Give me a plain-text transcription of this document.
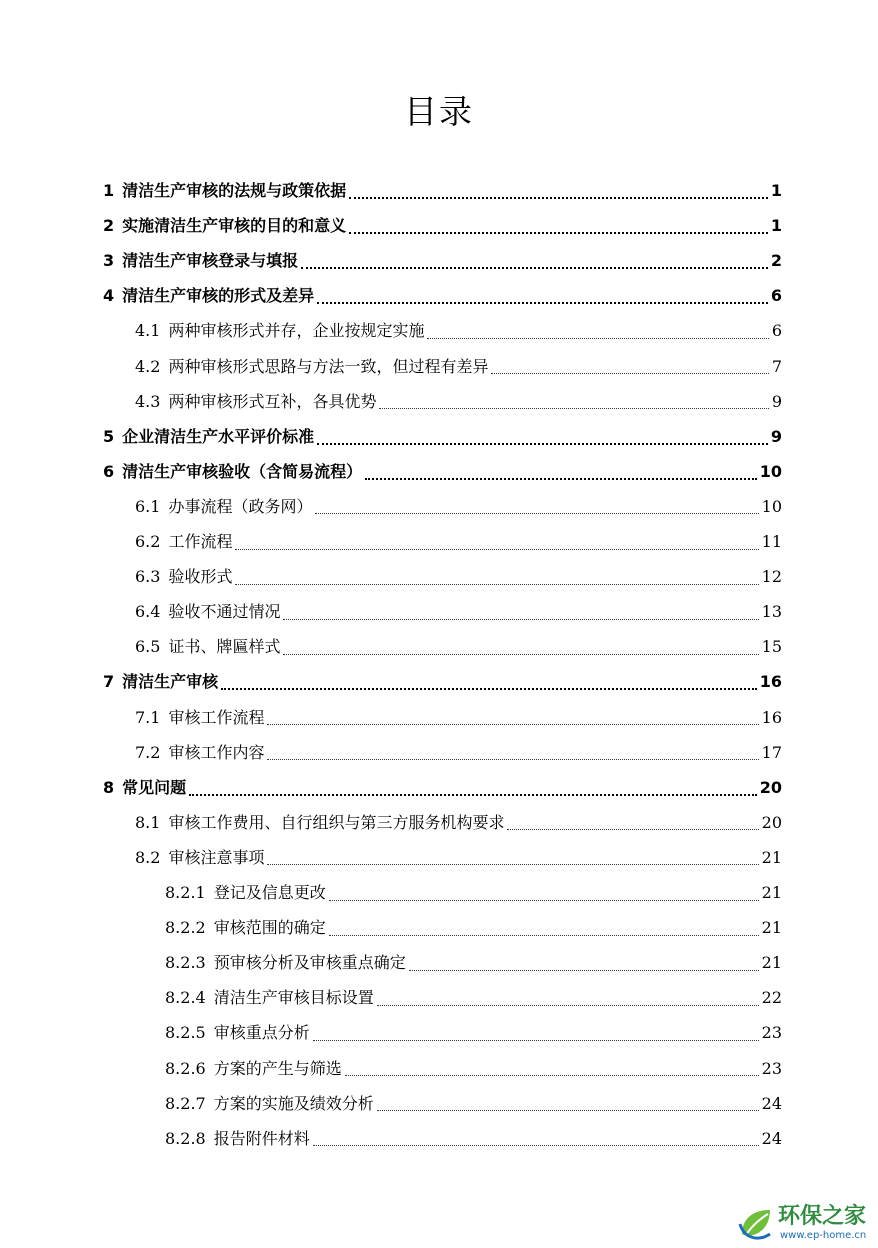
目录
1 清洁生产审核的法规与政策依据	1
2 实施清洁生产审核的目的和意义	1
3 清洁生产审核登录与填报	2
4 清洁生产审核的形式及差异	6
4.1 两种审核形式并存，企业按规定实施	6
4.2 两种审核形式思路与方法一致，但过程有差异	7
4.3 两种审核形式互补，各具优势	9
5 企业清洁生产水平评价标准	9
6 清洁生产审核验收（含简易流程）	10
6.1 办事流程（政务网）	10
6.2 工作流程	11
6.3 验收形式	12
6.4 验收不通过情况	13
6.5 证书、牌匾样式	15
7 清洁生产审核	16
7.1 审核工作流程	16
7.2 审核工作内容	17
8 常见问题	20
8.1 审核工作费用、自行组织与第三方服务机构要求	20
8.2 审核注意事项	21
8.2.1 登记及信息更改	21
8.2.2 审核范围的确定	21
8.2.3 预审核分析及审核重点确定	21
8.2.4 清洁生产审核目标设置	22
8.2.5 审核重点分析	23
8.2.6 方案的产生与筛选	23
8.2.7 方案的实施及绩效分析	24
8.2.8 报告附件材料	24
环保之家
www.ep-home.cn
